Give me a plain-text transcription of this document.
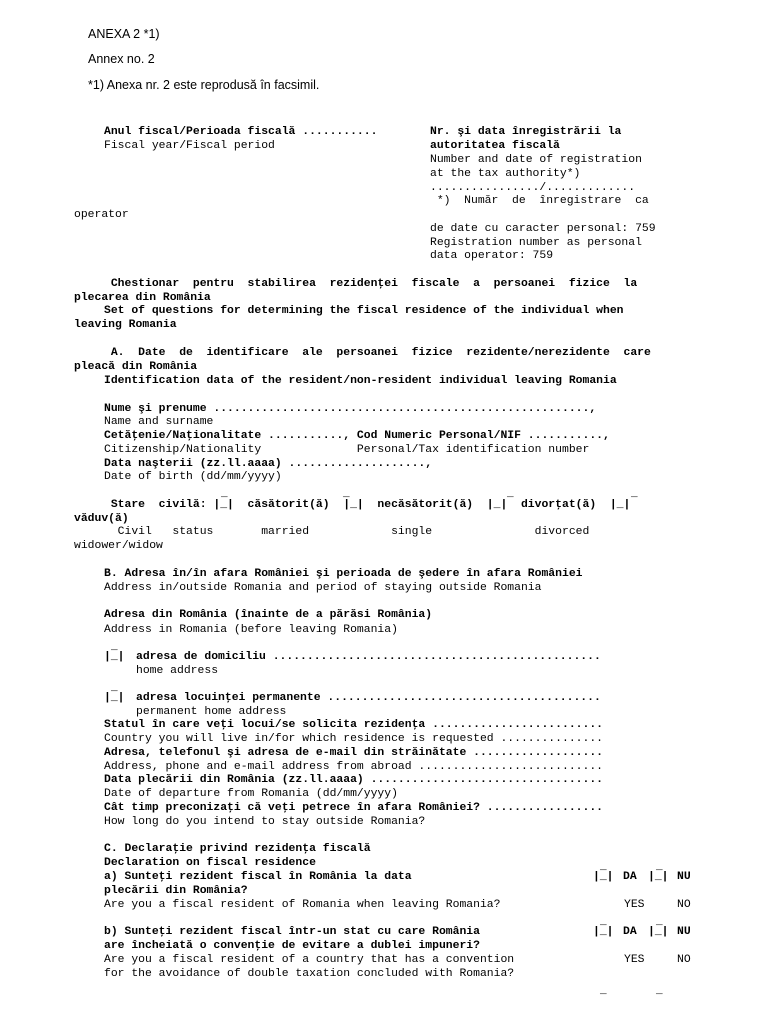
ANEXA 2 *1)
Annex no. 2
*1) Anexa nr. 2 este reprodusă în facsimil.
Anul fiscal/Perioada fiscală ...........
Fiscal year/Fiscal period
Nr. şi data înregistrării la
autoritatea fiscală
Number and date of registration
at the tax authority*)
................/.............
*)  Număr  de  înregistrare  ca
operator
de date cu caracter personal: 759
Registration number as personal
data operator: 759
Chestionar  pentru  stabilirea  rezidenţei  fiscale  a  persoanei  fizice  la
plecarea din România
Set of questions for determining the fiscal residence of the individual when
leaving Romania
A.  Date  de  identificare  ale  persoanei  fizice  rezidente/nerezidente  care
pleacă din România
Identification data of the resident/non-resident individual leaving Romania
Nume şi prenume .......................................................,
Name and surname
Cetăţenie/Naţionalitate ..........., Cod Numeric Personal/NIF ...........,
Citizenship/Nationality              Personal/Tax identification number
Data naşterii (zz.ll.aaaa) ....................,
Date of birth (dd/mm/yyyy)
_	_	_	_
Stare  civilă: |_|  căsătorit(ă)  |_|  necăsătorit(ă)  |_|  divorţat(ă)  |_|
văduv(ă)
Civil   status       married            single               divorced
widower/widow
B. Adresa în/în afara României şi perioada de şedere în afara României
Address in/outside Romania and period of staying outside Romania
Adresa din România (înainte de a părăsi România)
Address in Romania (before leaving Romania)
_
|_| adresa de domiciliu ................................................
home address
_
|_| adresa locuinţei permanente ........................................
permanent home address
Statul în care veţi locui/se solicita rezidenţa .........................
Country you will live in/for which residence is requested ...............
Adresa, telefonul şi adresa de e-mail din străinătate ...................
Address, phone and e-mail address from abroad ...........................
Data plecării din România (zz.ll.aaaa) ..................................
Date of departure from Romania (dd/mm/yyyy)
Cât timp preconizaţi că veţi petrece în afara României? .................
How long do you intend to stay outside Romania?
C. Declaraţie privind rezidenţa fiscală
Declaration on fiscal residence	_	_
a) Sunteţi rezident fiscal în România la data
plecării din România?
Are you a fiscal resident of Romania when leaving Romania?
|_| DA |_| NU
YES	NO
_	_
b) Sunteţi rezident fiscal într-un stat cu care România
are încheiată o convenţie de evitare a dublei impuneri?
Are you a fiscal resident of a country that has a convention
for the avoidance of double taxation concluded with Romania?
|_| DA |_| NU
YES	NO
_	_
